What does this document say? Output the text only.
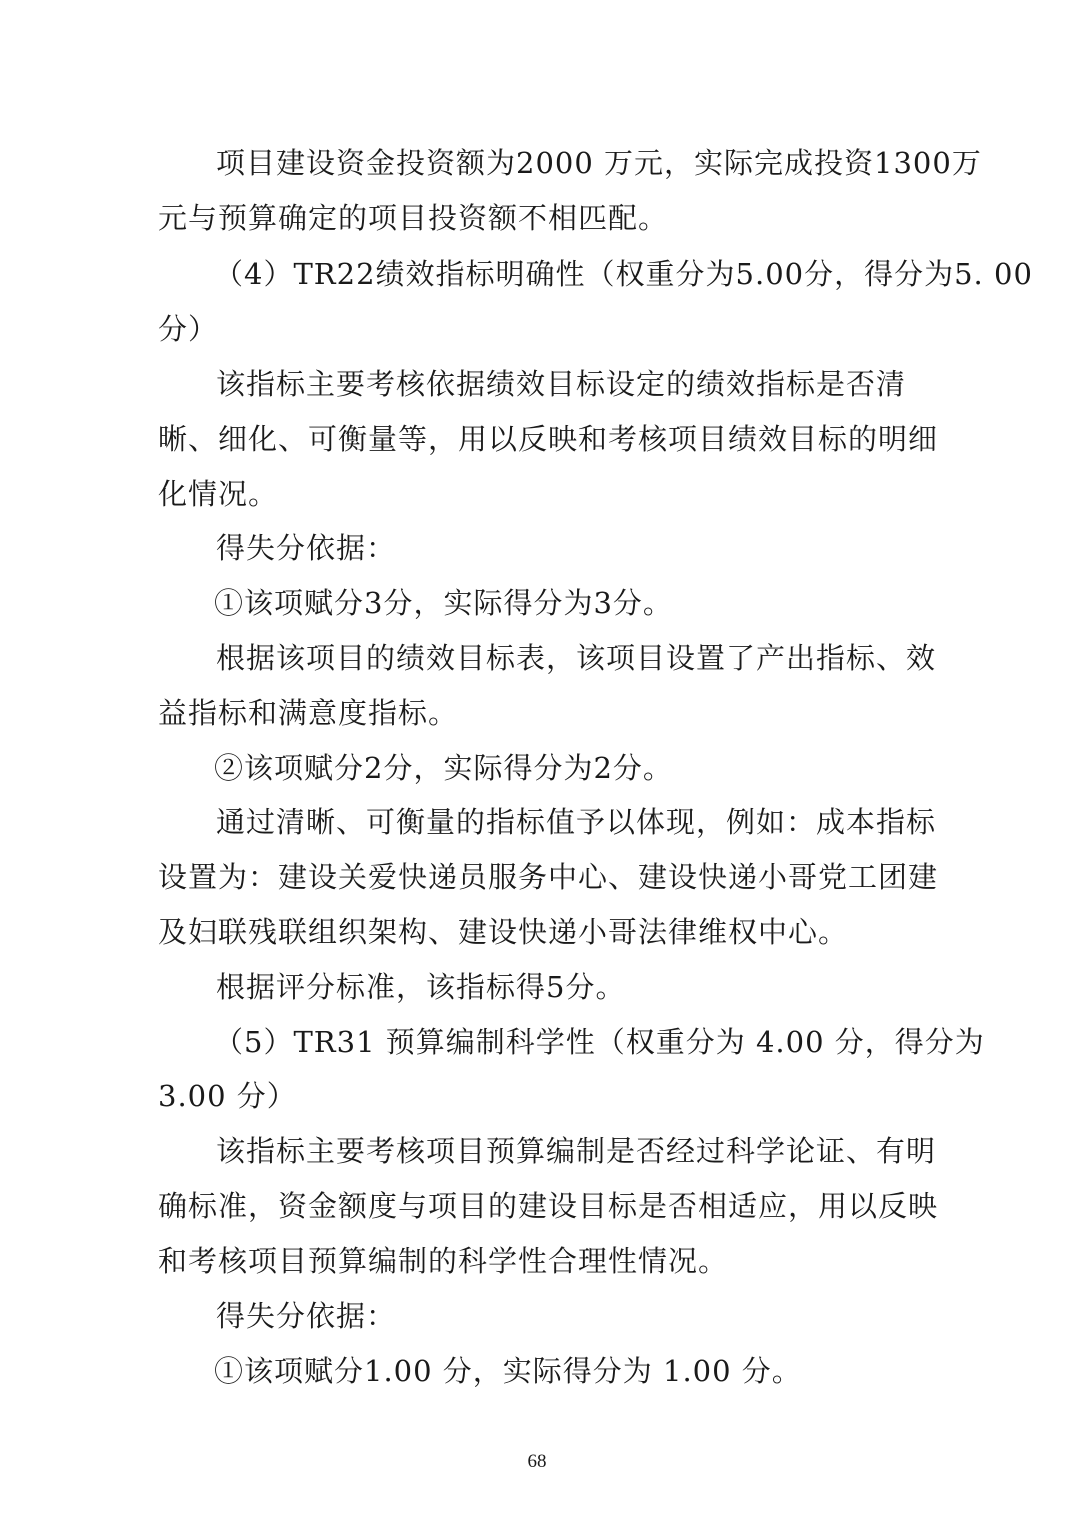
项目建设资金投资额为2000 万元，实际完成投资1300万
元与预算确定的项目投资额不相匹配。
（4）TR22绩效指标明确性（权重分为5.00分，得分为5. 00
分）
该指标主要考核依据绩效目标设定的绩效指标是否清
晰、细化、可衡量等，用以反映和考核项目绩效目标的明细
化情况。
得失分依据：
①该项赋分3分，实际得分为3分。
根据该项目的绩效目标表，该项目设置了产出指标、效
益指标和满意度指标。
②该项赋分2分，实际得分为2分。
通过清晰、可衡量的指标值予以体现，例如：成本指标
设置为：建设关爱快递员服务中心、建设快递小哥党工团建
及妇联残联组织架构、建设快递小哥法律维权中心。
根据评分标准，该指标得5分。
（5）TR31 预算编制科学性（权重分为 4.00 分，得分为
3.00 分）
该指标主要考核项目预算编制是否经过科学论证、有明
确标准，资金额度与项目的建设目标是否相适应，用以反映
和考核项目预算编制的科学性合理性情况。
得失分依据：
①该项赋分1.00 分，实际得分为 1.00 分。
68
